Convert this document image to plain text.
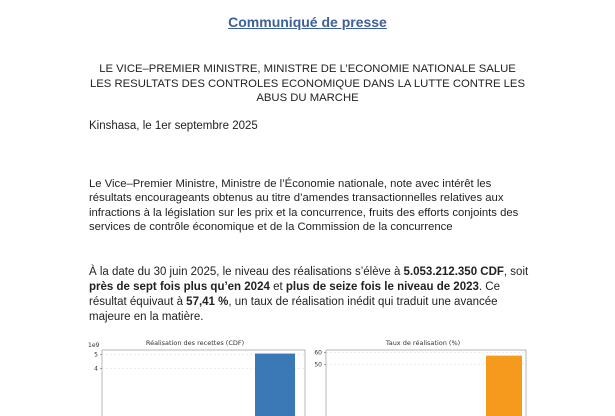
Communiqué de presse
LE VICE–PREMIER MINISTRE, MINISTRE DE L’ECONOMIE NATIONALE SALUE
LES RESULTATS DES CONTROLES ECONOMIQUE DANS LA LUTTE CONTRE LES
ABUS DU MARCHE
Kinshasa, le 1er septembre 2025
Le Vice–Premier Ministre, Ministre de l’Économie nationale, note avec intérêt les résultats encourageants obtenus au titre d’amendes transactionnelles relatives aux infractions à la législation sur les prix et la concurrence, fruits des efforts conjoints des services de contrôle économique et de la Commission de la concurrence
À la date du 30 juin 2025, le niveau des réalisations s’élève à 5.053.212.350 CDF, soit près de sept fois plus qu’en 2024 et plus de seize fois le niveau de 2023. Ce résultat équivaut à 57,41 %, un taux de réalisation inédit qui traduit une avancée majeure en la matière.
Réalisation des recettes (CDF)
1e9
5
4
Taux de réalisation (%)
60
50
